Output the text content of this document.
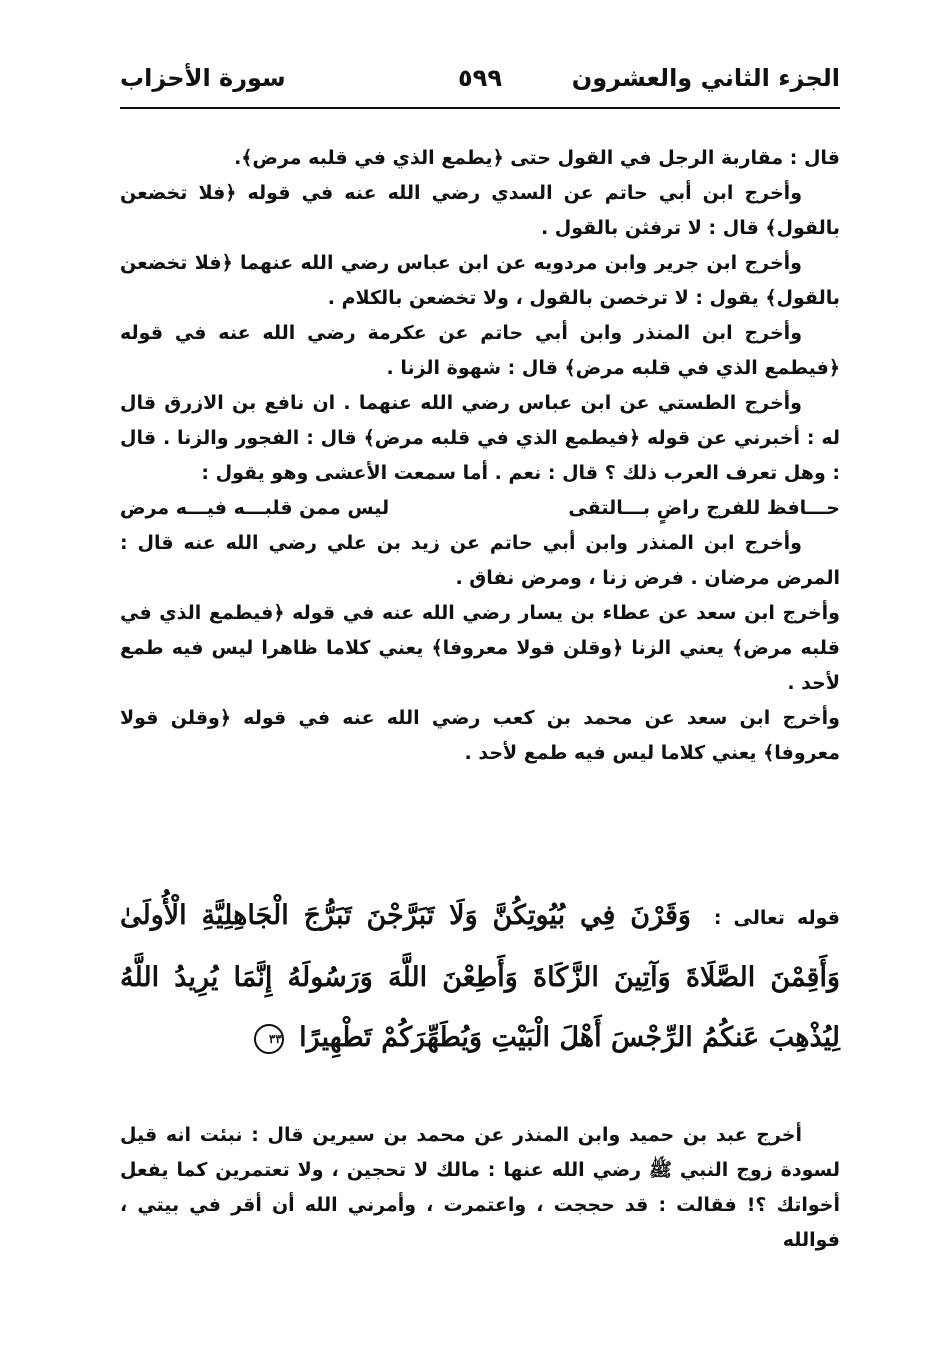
الجزء الثاني والعشرون
٥٩٩
سورة الأحزاب

قال : مقاربة الرجل في القول حتى ﴿يطمع الذي في قلبه مرض﴾.

وأخرج ابن أبي حاتم عن السدي رضي الله عنه في قوله ﴿فلا تخضعن بالقول﴾ قال : لا ترفثن بالقول .

وأخرج ابن جرير وابن مردويه عن ابن عباس رضي الله عنهما ﴿فلا تخضعن بالقول﴾ يقول : لا ترخصن بالقول ، ولا تخضعن بالكلام .

وأخرج ابن المنذر وابن أبي حاتم عن عكرمة رضي الله عنه في قوله ﴿فيطمع الذي في قلبه مرض﴾ قال : شهوة الزنا .

وأخرج الطستي عن ابن عباس رضي الله عنهما . ان نافع بن الازرق قال له : أخبرني عن قوله ﴿فيطمع الذي في قلبه مرض﴾ قال : الفجور والزنا . قال : وهل تعرف العرب ذلك ؟ قال : نعم . أما سمعت الأعشى وهو يقول :

حـــافظ للفرج راضٍ بـــالتقى
ليس ممن قلبـــه فيـــه مرض

وأخرج ابن المنذر وابن أبي حاتم عن زيد بن علي رضي الله عنه قال : المرض مرضان . فرض زنا ، ومرض نفاق .

وأخرج ابن سعد عن عطاء بن يسار رضي الله عنه في قوله ﴿فيطمع الذي في قلبه مرض﴾ يعني الزنا ﴿وقلن قولا معروفا﴾ يعني كلاما ظاهرا ليس فيه طمع لأحد .

وأخرج ابن سعد عن محمد بن كعب رضي الله عنه في قوله ﴿وقلن قولا معروفا﴾ يعني كلاما ليس فيه طمع لأحد .

قوله تعالى : وَقَرْنَ فِي بُيُوتِكُنَّ وَلَا تَبَرَّجْنَ تَبَرُّجَ الْجَاهِلِيَّةِ الْأُولَىٰ وَأَقِمْنَ الصَّلَاةَ وَآتِينَ الزَّكَاةَ وَأَطِعْنَ اللَّهَ وَرَسُولَهُ إِنَّمَا يُرِيدُ اللَّهُ لِيُذْهِبَ عَنكُمُ الرِّجْسَ أَهْلَ الْبَيْتِ وَيُطَهِّرَكُمْ تَطْهِيرًا ٣٣

أخرج عبد بن حميد وابن المنذر عن محمد بن سيرين قال : نبئت انه قيل لسودة زوج النبي ﷺ رضي الله عنها : مالك لا تحجين ، ولا تعتمرين كما يفعل أخواتك ؟! فقالت : قد حججت ، واعتمرت ، وأمرني الله أن أقر في بيتي ، فوالله
